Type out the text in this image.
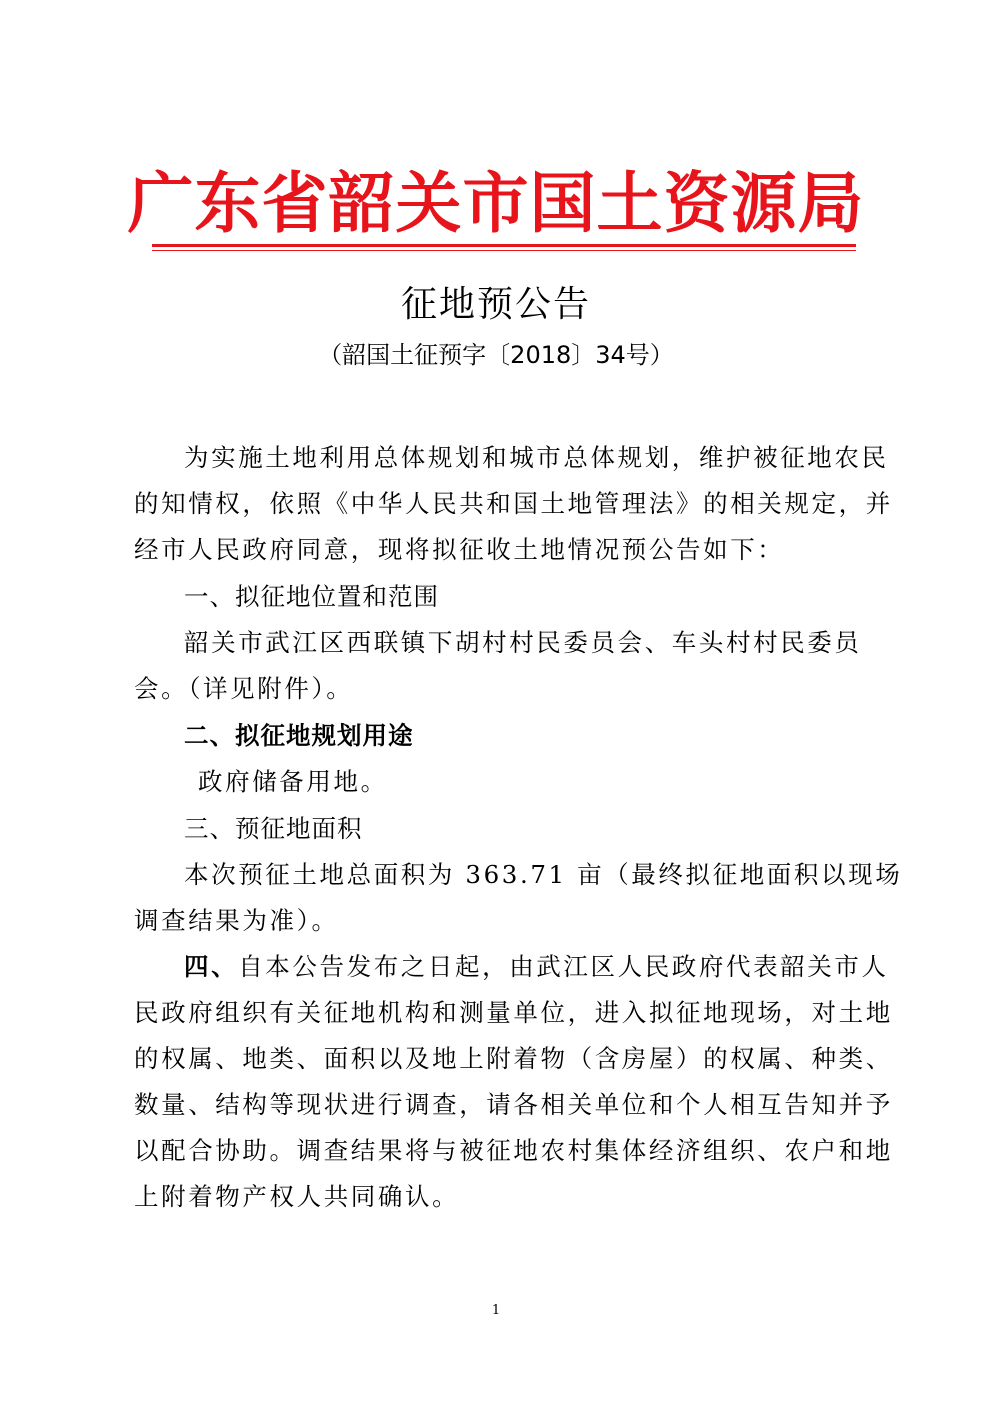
广东省韶关市国土资源局
征地预公告
（韶国土征预字〔2018〕34号）
为实施土地利用总体规划和城市总体规划，维护被征地农民
的知情权，依照《中华人民共和国土地管理法》的相关规定，并
经市人民政府同意，现将拟征收土地情况预公告如下：
一、拟征地位置和范围
韶关市武江区西联镇下胡村村民委员会、车头村村民委员
会。（详见附件）。
二、拟征地规划用途
政府储备用地。
三、预征地面积
本次预征土地总面积为 363.71 亩（最终拟征地面积以现场
调查结果为准）。
四、自本公告发布之日起，由武江区人民政府代表韶关市人
民政府组织有关征地机构和测量单位，进入拟征地现场，对土地
的权属、地类、面积以及地上附着物（含房屋）的权属、种类、
数量、结构等现状进行调查，请各相关单位和个人相互告知并予
以配合协助。调查结果将与被征地农村集体经济组织、农户和地
上附着物产权人共同确认。
1
